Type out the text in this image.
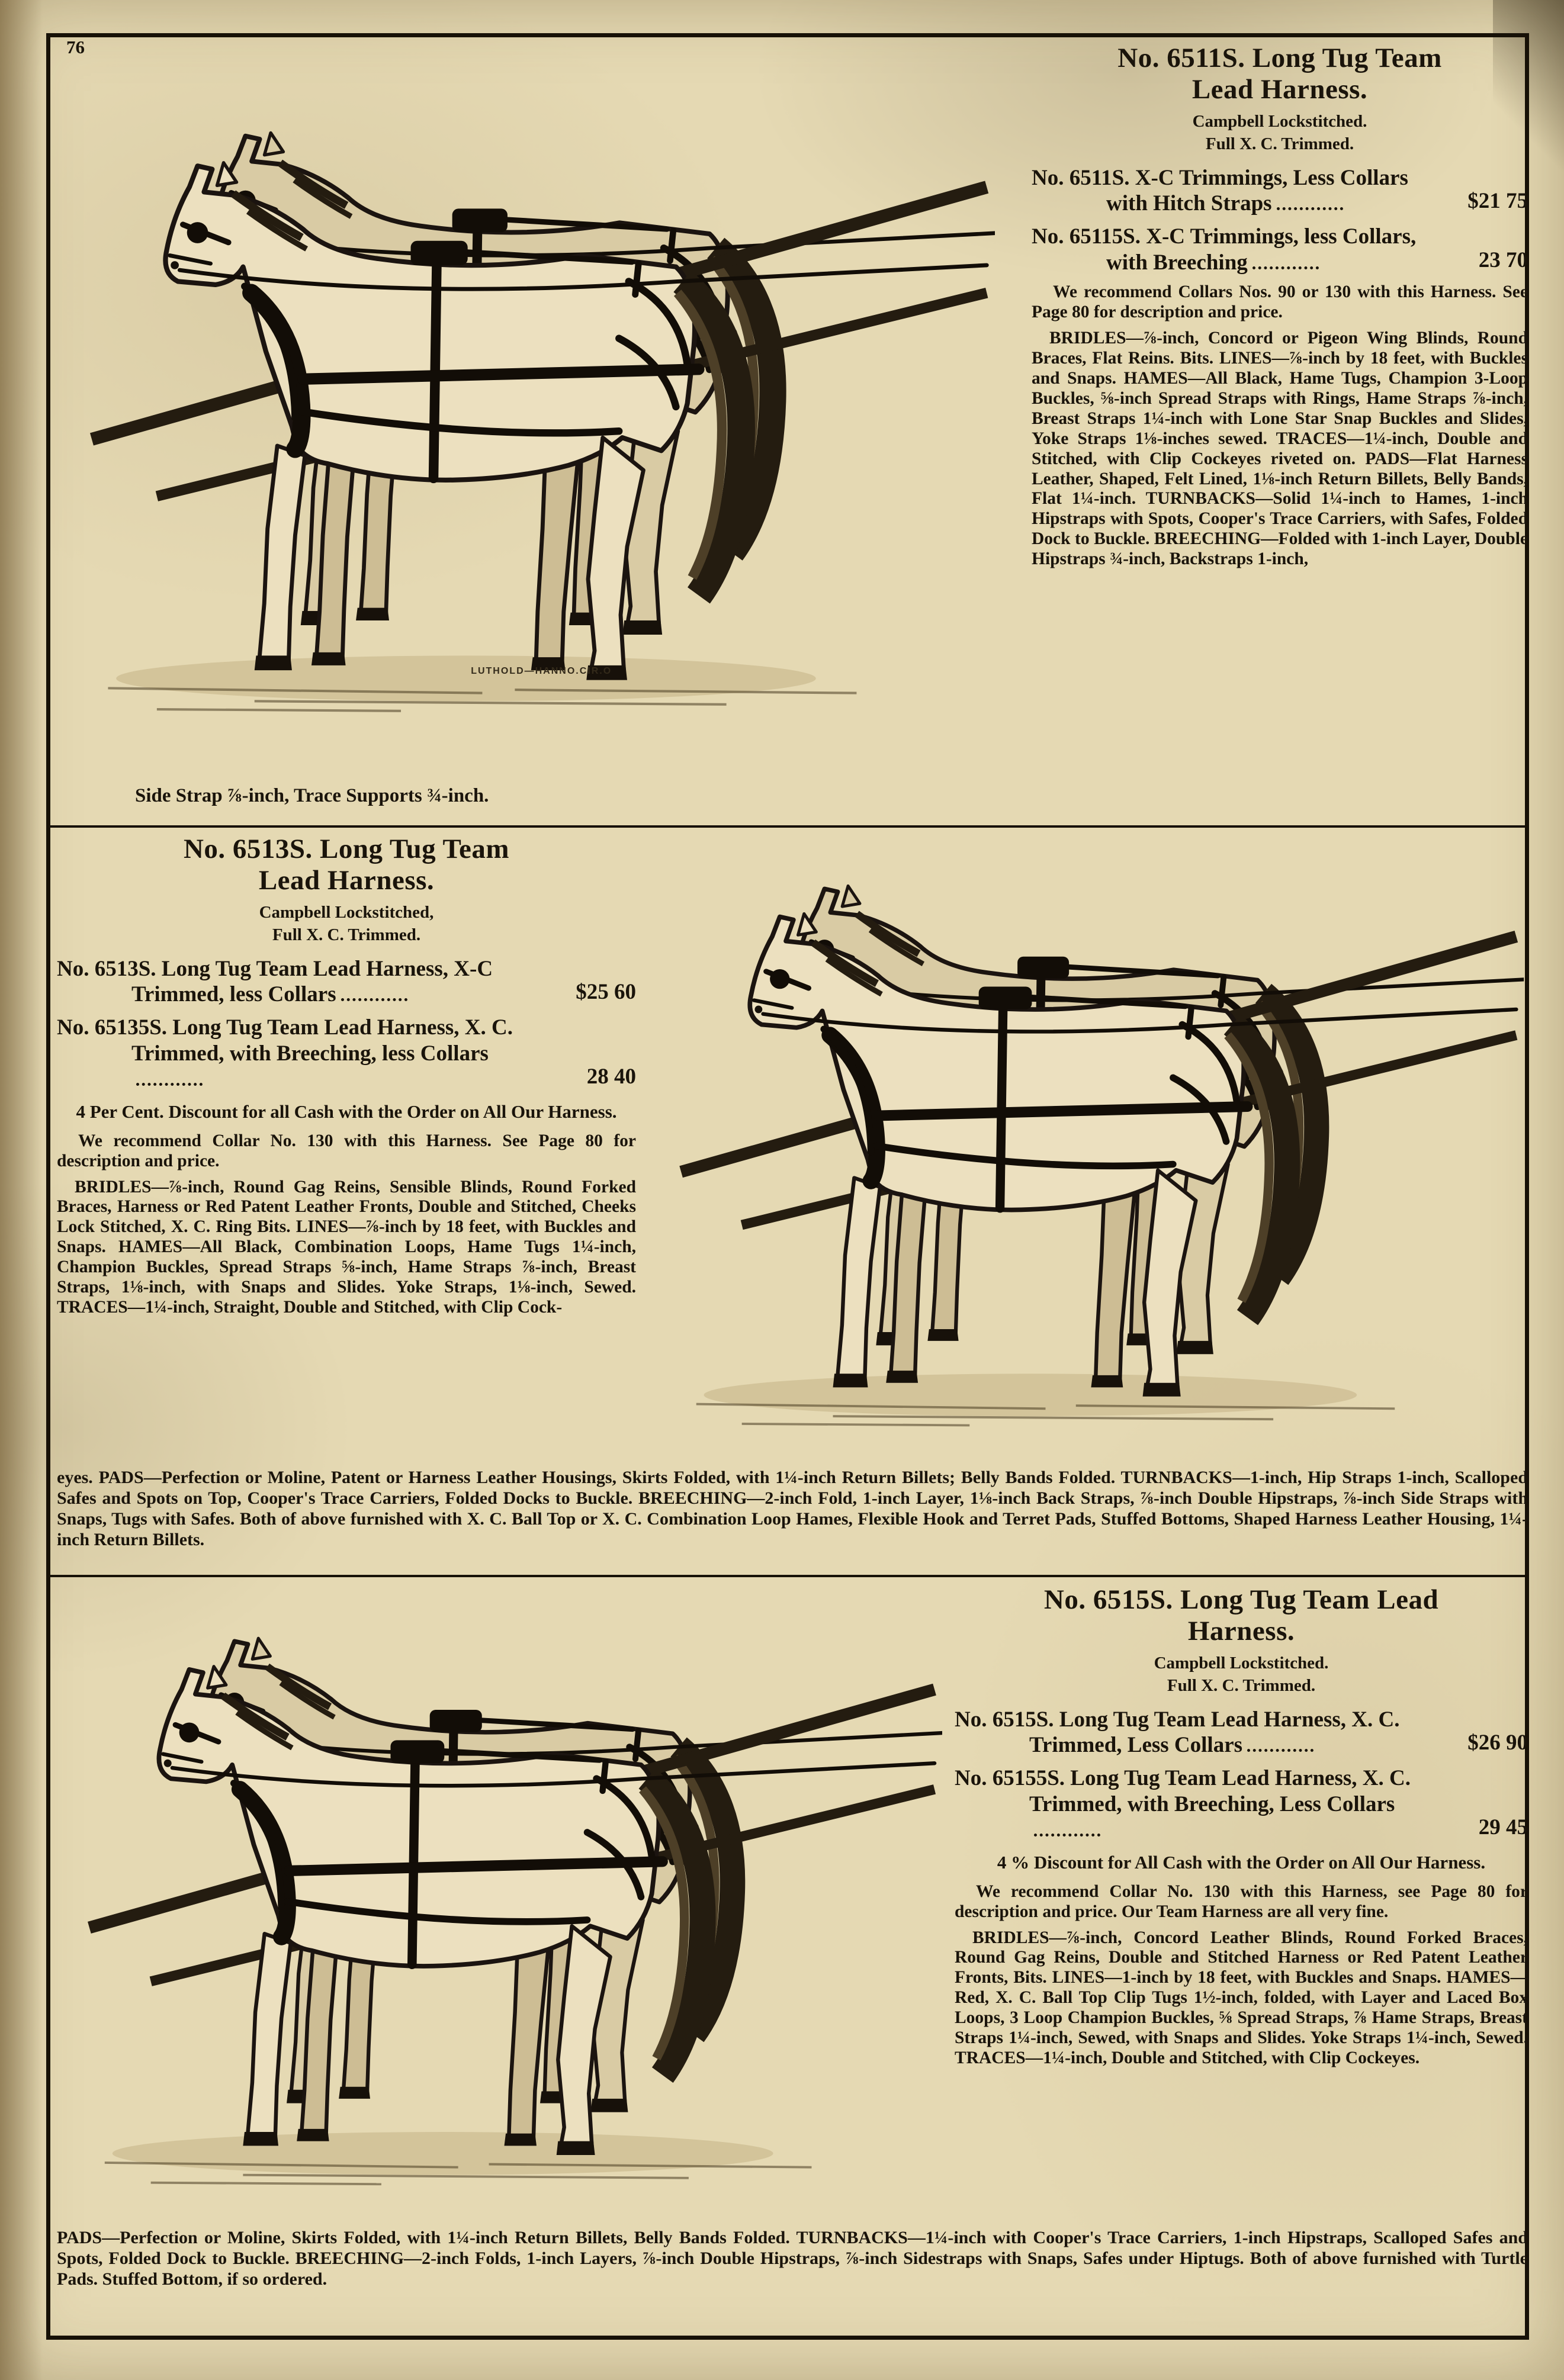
76
LUTHOLD—HANNO.CIR.O
Side Strap ⅞-inch, Trace Supports ¾-inch.
No. 6511S. Long Tug Team
Lead Harness.
Campbell Lockstitched.
Full X. C. Trimmed.
No. 6511S. X-C Trimmings, Less Collars with Hitch Straps	$21 75
No. 65115S. X-C Trimmings, less Collars, with Breeching	23 70

We recommend Collars Nos. 90 or 130 with this Harness. See Page 80 for description and price.

BRIDLES—⅞-inch, Concord or Pigeon Wing Blinds, Round Braces, Flat Reins. Bits. LINES—⅞-inch by 18 feet, with Buckles and Snaps. HAMES—All Black, Hame Tugs, Champion 3-Loop Buckles, ⅝-inch Spread Straps with Rings, Hame Straps ⅞-inch, Breast Straps 1¼-inch with Lone Star Snap Buckles and Slides, Yoke Straps 1⅛-inches sewed. TRACES—1¼-inch, Double and Stitched, with Clip Cockeyes riveted on. PADS—Flat Harness Leather, Shaped, Felt Lined, 1⅛-inch Return Billets, Belly Bands, Flat 1¼-inch. TURNBACKS—Solid 1¼-inch to Hames, 1-inch Hipstraps with Spots, Cooper's Trace Carriers, with Safes, Folded Dock to Buckle. BREECHING—Folded with 1-inch Layer, Double Hipstraps ¾-inch, Backstraps 1-inch,

No. 6513S. Long Tug Team
Lead Harness.
Campbell Lockstitched,
Full X. C. Trimmed.
No. 6513S. Long Tug Team Lead Harness, X-C Trimmed, less Collars	$25 60
No. 65135S. Long Tug Team Lead Harness, X. C. Trimmed, with Breeching, less Collars
28 40
4 Per Cent. Discount for all Cash with the Order on All Our Harness.

We recommend Collar No. 130 with this Harness. See Page 80 for description and price.

BRIDLES—⅞-inch, Round Gag Reins, Sensible Blinds, Round Forked Braces, Harness or Red Patent Leather Fronts, Double and Stitched, Cheeks Lock Stitched, X. C. Ring Bits. LINES—⅞-inch by 18 feet, with Buckles and Snaps. HAMES—All Black, Combination Loops, Hame Tugs 1¼-inch, Champion Buckles, Spread Straps ⅝-inch, Hame Straps ⅞-inch, Breast Straps, 1⅛-inch, with Snaps and Slides. Yoke Straps, 1⅛-inch, Sewed. TRACES—1¼-inch, Straight, Double and Stitched, with Clip Cock-

eyes. PADS—Perfection or Moline, Patent or Harness Leather Housings, Skirts Folded, with 1¼-inch Return Billets; Belly Bands Folded. TURNBACKS—1-inch, Hip Straps 1-inch, Scalloped Safes and Spots on Top, Cooper's Trace Carriers, Folded Docks to Buckle. BREECHING—2-inch Fold, 1-inch Layer, 1⅛-inch Back Straps, ⅞-inch Double Hipstraps, ⅞-inch Side Straps with Snaps, Tugs with Safes. Both of above furnished with X. C. Ball Top or X. C. Combination Loop Hames, Flexible Hook and Terret Pads, Stuffed Bottoms, Shaped Harness Leather Housing, 1¼-inch Return Billets.

No. 6515S. Long Tug Team Lead
Harness.
Campbell Lockstitched.
Full X. C. Trimmed.
No. 6515S. Long Tug Team Lead Harness, X. C. Trimmed, Less Collars	$26 90
No. 65155S. Long Tug Team Lead Harness, X. C. Trimmed, with Breeching, Less Collars
29 45
4 % Discount for All Cash with the Order on All Our Harness.

We recommend Collar No. 130 with this Harness, see Page 80 for description and price. Our Team Harness are all very fine.

BRIDLES—⅞-inch, Concord Leather Blinds, Round Forked Braces, Round Gag Reins, Double and Stitched Harness or Red Patent Leather Fronts, Bits. LINES—1-inch by 18 feet, with Buckles and Snaps. HAMES—Red, X. C. Ball Top Clip Tugs 1½-inch, folded, with Layer and Laced Box Loops, 3 Loop Champion Buckles, ⅝ Spread Straps, ⅞ Hame Straps, Breast Straps 1¼-inch, Sewed, with Snaps and Slides. Yoke Straps 1¼-inch, Sewed. TRACES—1¼-inch, Double and Stitched, with Clip Cockeyes.

PADS—Perfection or Moline, Skirts Folded, with 1¼-inch Return Billets, Belly Bands Folded. TURNBACKS—1¼-inch with Cooper's Trace Carriers, 1-inch Hipstraps, Scalloped Safes and Spots, Folded Dock to Buckle. BREECHING—2-inch Folds, 1-inch Layers, ⅞-inch Double Hipstraps, ⅞-inch Sidestraps with Snaps, Safes under Hiptugs. Both of above furnished with Turtle Pads. Stuffed Bottom, if so ordered.
